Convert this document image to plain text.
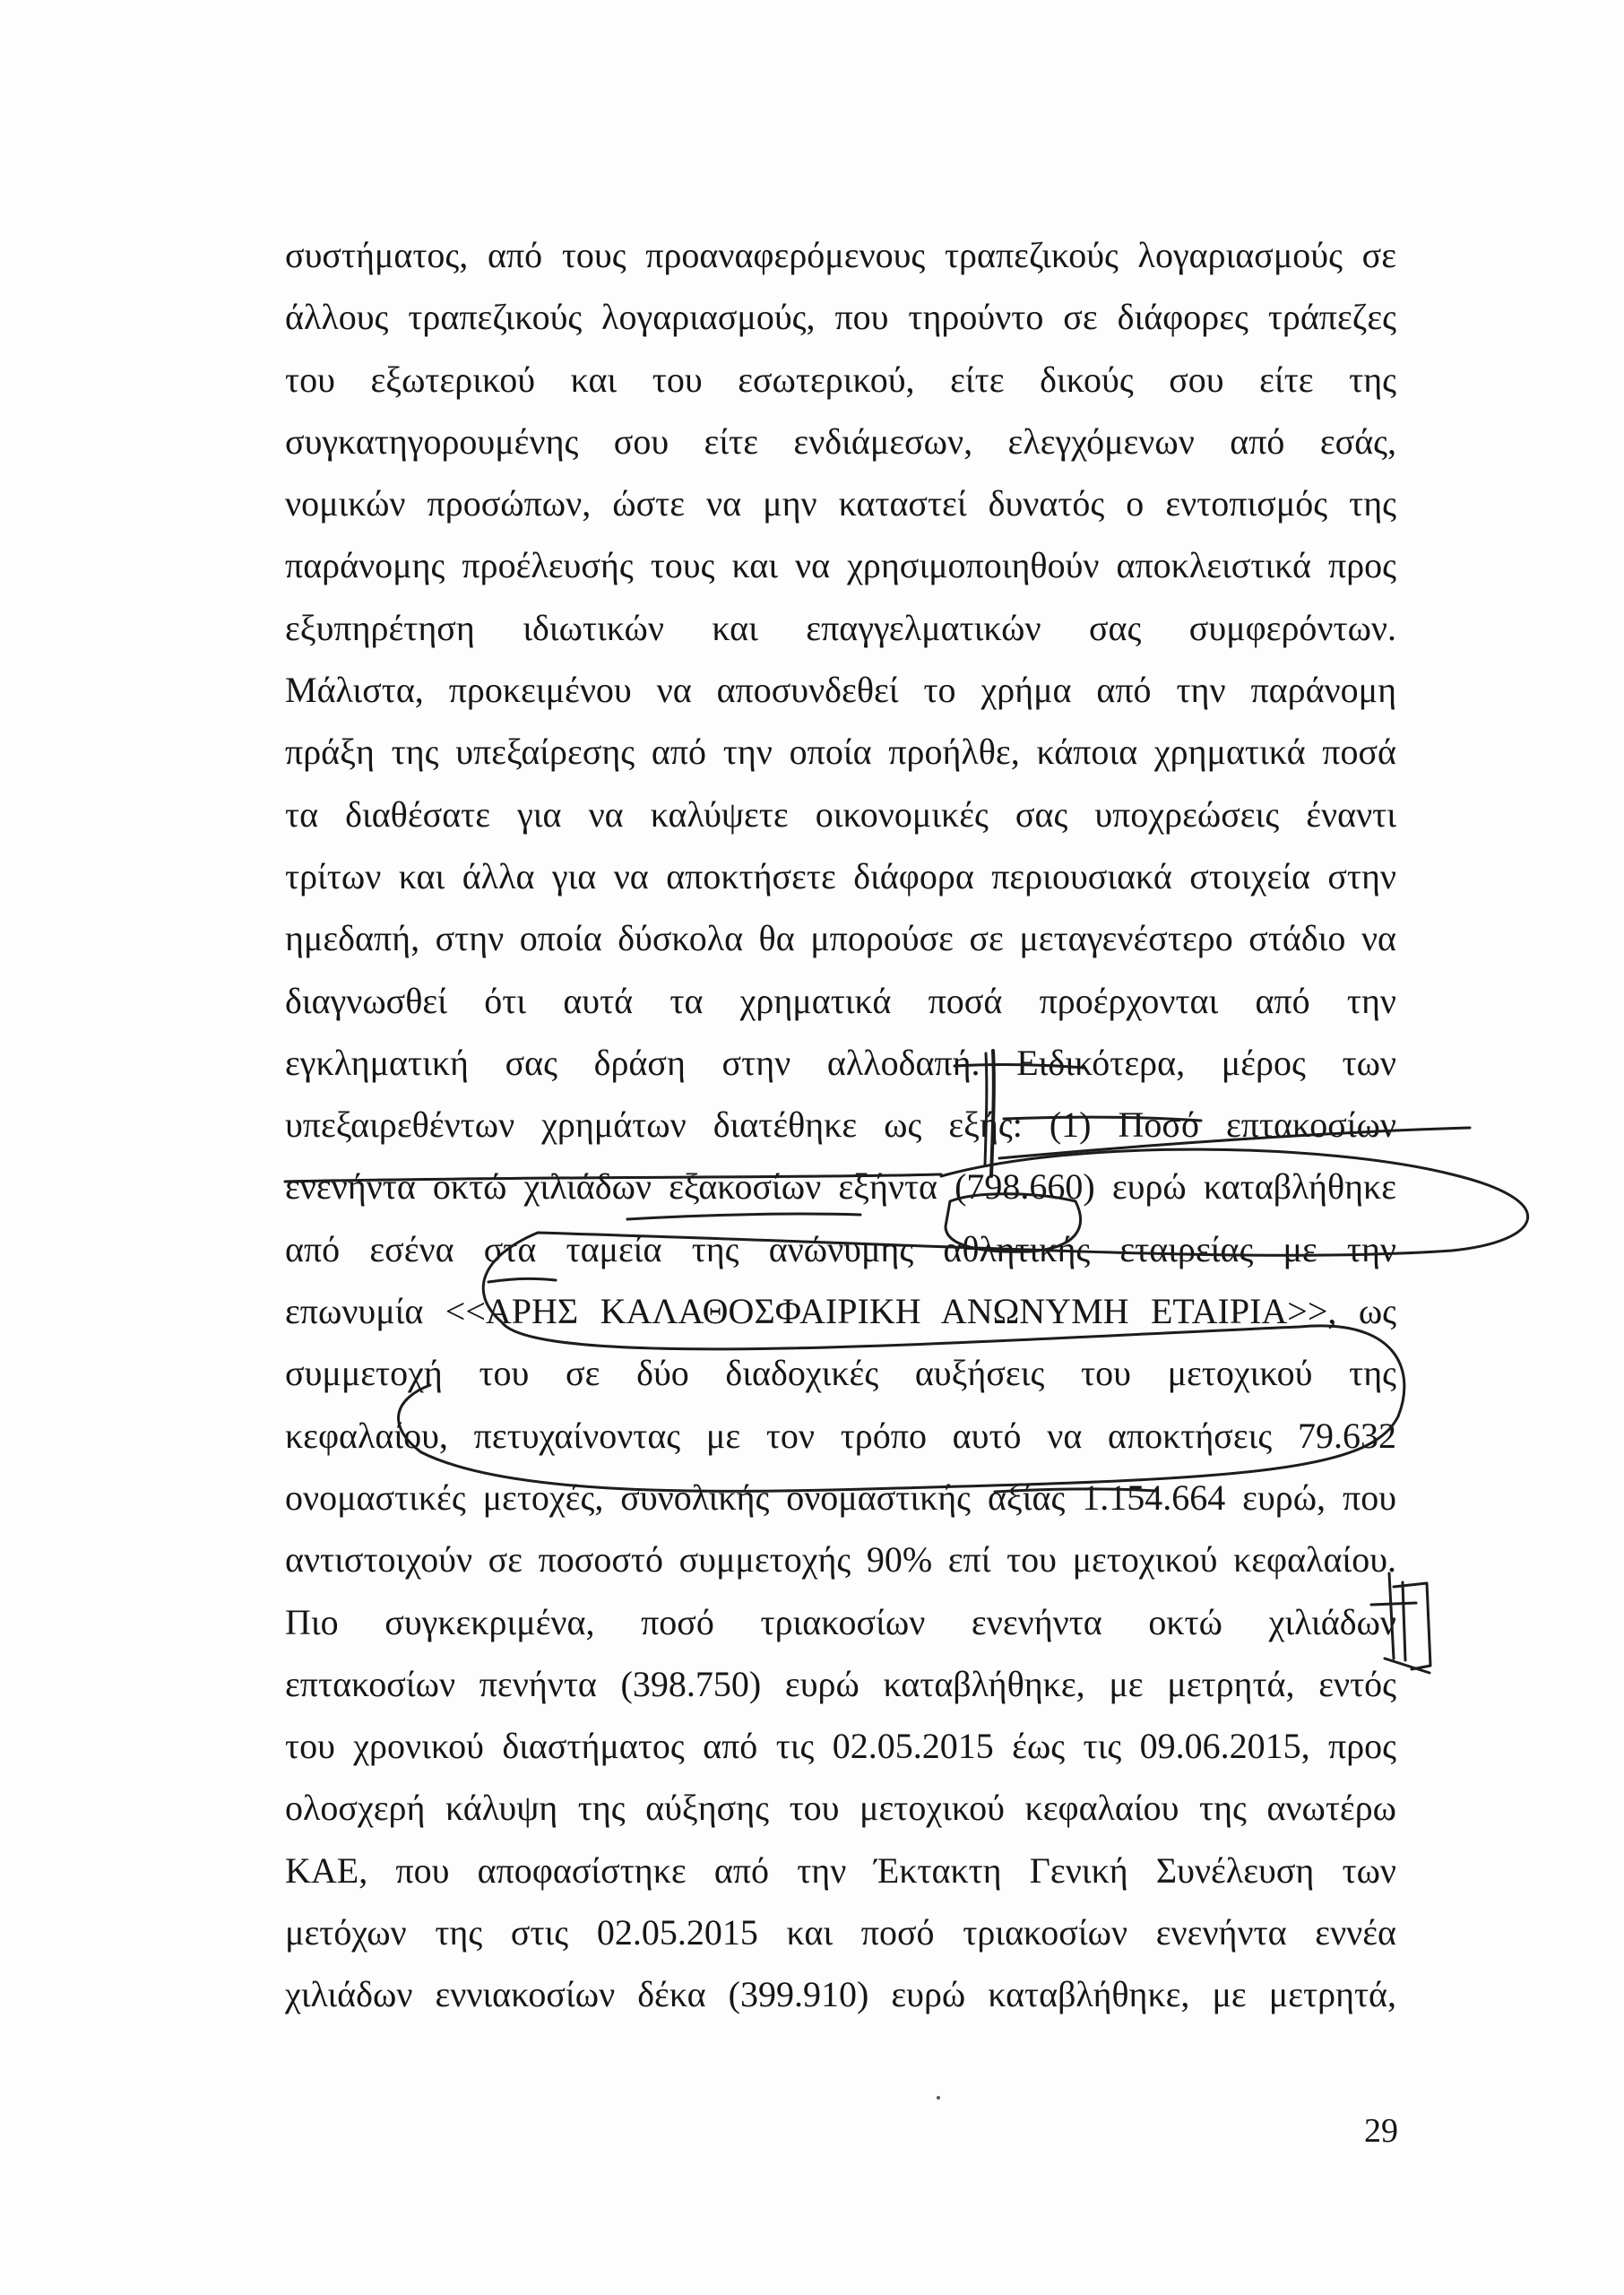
συστήματος, από τους προαναφερόμενους τραπεζικούς λογαριασμούς σε
άλλους τραπεζικούς λογαριασμούς, που τηρούντο σε διάφορες τράπεζες
του εξωτερικού και του εσωτερικού, είτε δικούς σου είτε της
συγκατηγορουμένης σου είτε ενδιάμεσων, ελεγχόμενων από εσάς,
νομικών προσώπων, ώστε να μην καταστεί δυνατός ο εντοπισμός της
παράνομης προέλευσής τους και να χρησιμοποιηθούν αποκλειστικά προς
εξυπηρέτηση ιδιωτικών και επαγγελματικών σας συμφερόντων.
Μάλιστα, προκειμένου να αποσυνδεθεί το χρήμα από την παράνομη
πράξη της υπεξαίρεσης από την οποία προήλθε, κάποια χρηματικά ποσά
τα διαθέσατε για να καλύψετε οικονομικές σας υποχρεώσεις έναντι
τρίτων και άλλα για να αποκτήσετε διάφορα περιουσιακά στοιχεία στην
ημεδαπή, στην οποία δύσκολα θα μπορούσε σε μεταγενέστερο στάδιο να
διαγνωσθεί ότι αυτά τα χρηματικά ποσά προέρχονται από την
εγκληματική σας δράση στην αλλοδαπή. Ειδικότερα, μέρος των
υπεξαιρεθέντων χρημάτων διατέθηκε ως εξής: (1) Ποσό επτακοσίων
ενενήντα οκτώ χιλιάδων εξακοσίων εξήντα (798.660) ευρώ καταβλήθηκε
από εσένα στα ταμεία της ανώνυμης αθλητικής εταιρείας με την
επωνυμία <<ΑΡΗΣ ΚΑΛΑΘΟΣΦΑΙΡΙΚΗ ΑΝΩΝΥΜΗ ΕΤΑΙΡΙΑ>>, ως
συμμετοχή του σε δύο διαδοχικές αυξήσεις του μετοχικού της
κεφαλαίου, πετυχαίνοντας με τον τρόπο αυτό να αποκτήσεις 79.632
ονομαστικές μετοχές, συνολικής ονομαστικής αξίας 1.154.664 ευρώ, που
αντιστοιχούν σε ποσοστό συμμετοχής 90% επί του μετοχικού κεφαλαίου.
Πιο συγκεκριμένα, ποσό τριακοσίων ενενήντα οκτώ χιλιάδων
επτακοσίων πενήντα (398.750) ευρώ καταβλήθηκε, με μετρητά, εντός
του χρονικού διαστήματος από τις 02.05.2015 έως τις 09.06.2015, προς
ολοσχερή κάλυψη της αύξησης του μετοχικού κεφαλαίου της ανωτέρω
ΚΑΕ, που αποφασίστηκε από την Έκτακτη Γενική Συνέλευση των
μετόχων της στις 02.05.2015 και ποσό τριακοσίων ενενήντα εννέα
χιλιάδων εννιακοσίων δέκα (399.910) ευρώ καταβλήθηκε, με μετρητά,
29
